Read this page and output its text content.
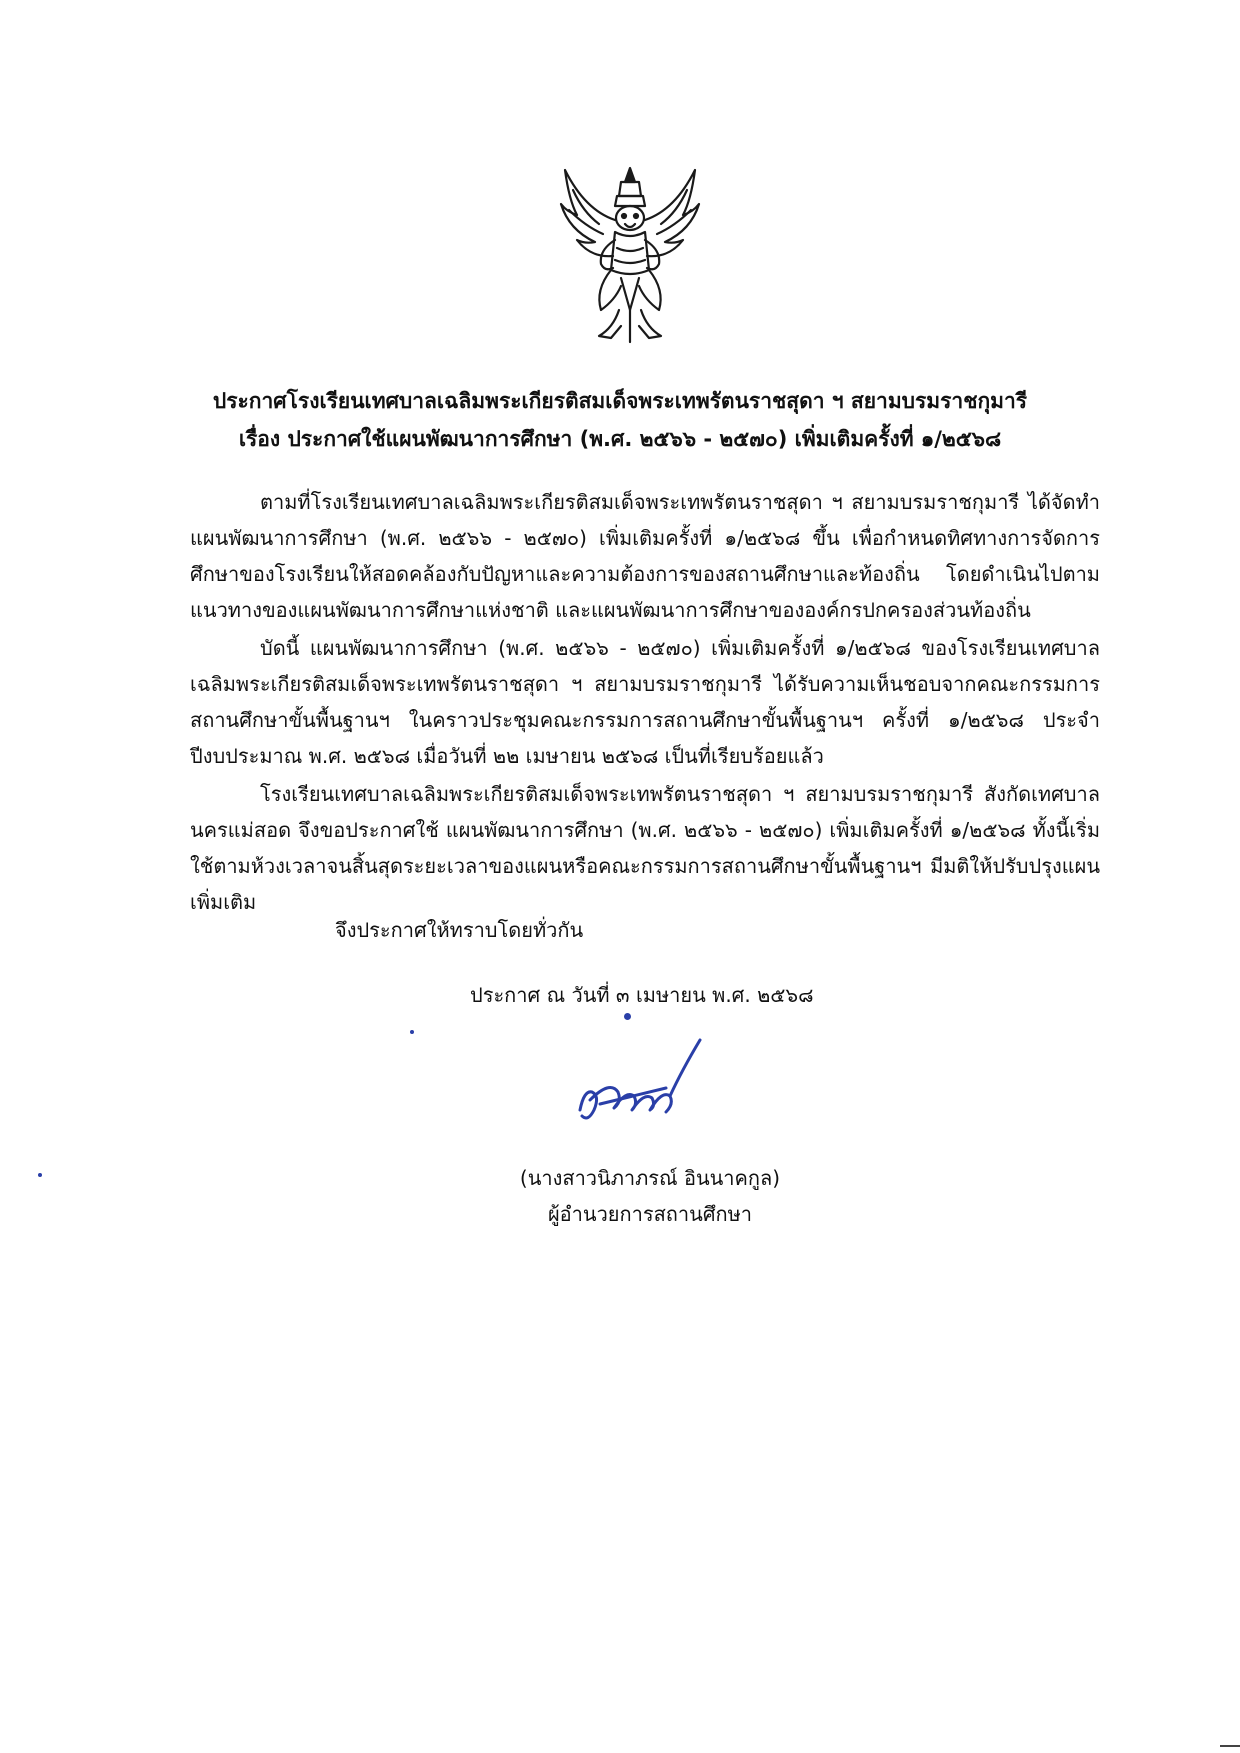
ประกาศโรงเรียนเทศบาลเฉลิมพระเกียรติสมเด็จพระเทพรัตนราชสุดา ฯ สยามบรมราชกุมารี
เรื่อง ประกาศใช้แผนพัฒนาการศึกษา (พ.ศ. ๒๕๖๖ - ๒๕๗๐) เพิ่มเติมครั้งที่ ๑/๒๕๖๘

ตามที่โรงเรียนเทศบาลเฉลิมพระเกียรติสมเด็จพระเทพรัตนราชสุดา ฯ สยามบรมราชกุมารี ได้จัดทำแผนพัฒนาการศึกษา (พ.ศ. ๒๕๖๖ - ๒๕๗๐) เพิ่มเติมครั้งที่ ๑/๒๕๖๘ ขึ้น เพื่อกำหนดทิศทางการจัดการศึกษาของโรงเรียนให้สอดคล้องกับปัญหาและความต้องการของสถานศึกษาและท้องถิ่น โดยดำเนินไปตามแนวทางของแผนพัฒนาการศึกษาแห่งชาติ และแผนพัฒนาการศึกษาขององค์กรปกครองส่วนท้องถิ่น

บัดนี้ แผนพัฒนาการศึกษา (พ.ศ. ๒๕๖๖ - ๒๕๗๐) เพิ่มเติมครั้งที่ ๑/๒๕๖๘ ของโรงเรียนเทศบาลเฉลิมพระเกียรติสมเด็จพระเทพรัตนราชสุดา ฯ สยามบรมราชกุมารี ได้รับความเห็นชอบจากคณะกรรมการสถานศึกษาขั้นพื้นฐานฯ ในคราวประชุมคณะกรรมการสถานศึกษาขั้นพื้นฐานฯ ครั้งที่ ๑/๒๕๖๘ ประจำปีงบประมาณ พ.ศ. ๒๕๖๘ เมื่อวันที่ ๒๒ เมษายน ๒๕๖๘ เป็นที่เรียบร้อยแล้ว

โรงเรียนเทศบาลเฉลิมพระเกียรติสมเด็จพระเทพรัตนราชสุดา ฯ สยามบรมราชกุมารี สังกัดเทศบาลนครแม่สอด จึงขอประกาศใช้ แผนพัฒนาการศึกษา (พ.ศ. ๒๕๖๖ - ๒๕๗๐) เพิ่มเติมครั้งที่ ๑/๒๕๖๘ ทั้งนี้เริ่มใช้ตามห้วงเวลาจนสิ้นสุดระยะเวลาของแผนหรือคณะกรรมการสถานศึกษาขั้นพื้นฐานฯ มีมติให้ปรับปรุงแผนเพิ่มเติม

จึงประกาศให้ทราบโดยทั่วกัน
ประกาศ ณ วันที่ ๓ เมษายน พ.ศ. ๒๕๖๘
(นางสาวนิภาภรณ์ อินนาคกูล)
ผู้อำนวยการสถานศึกษา
